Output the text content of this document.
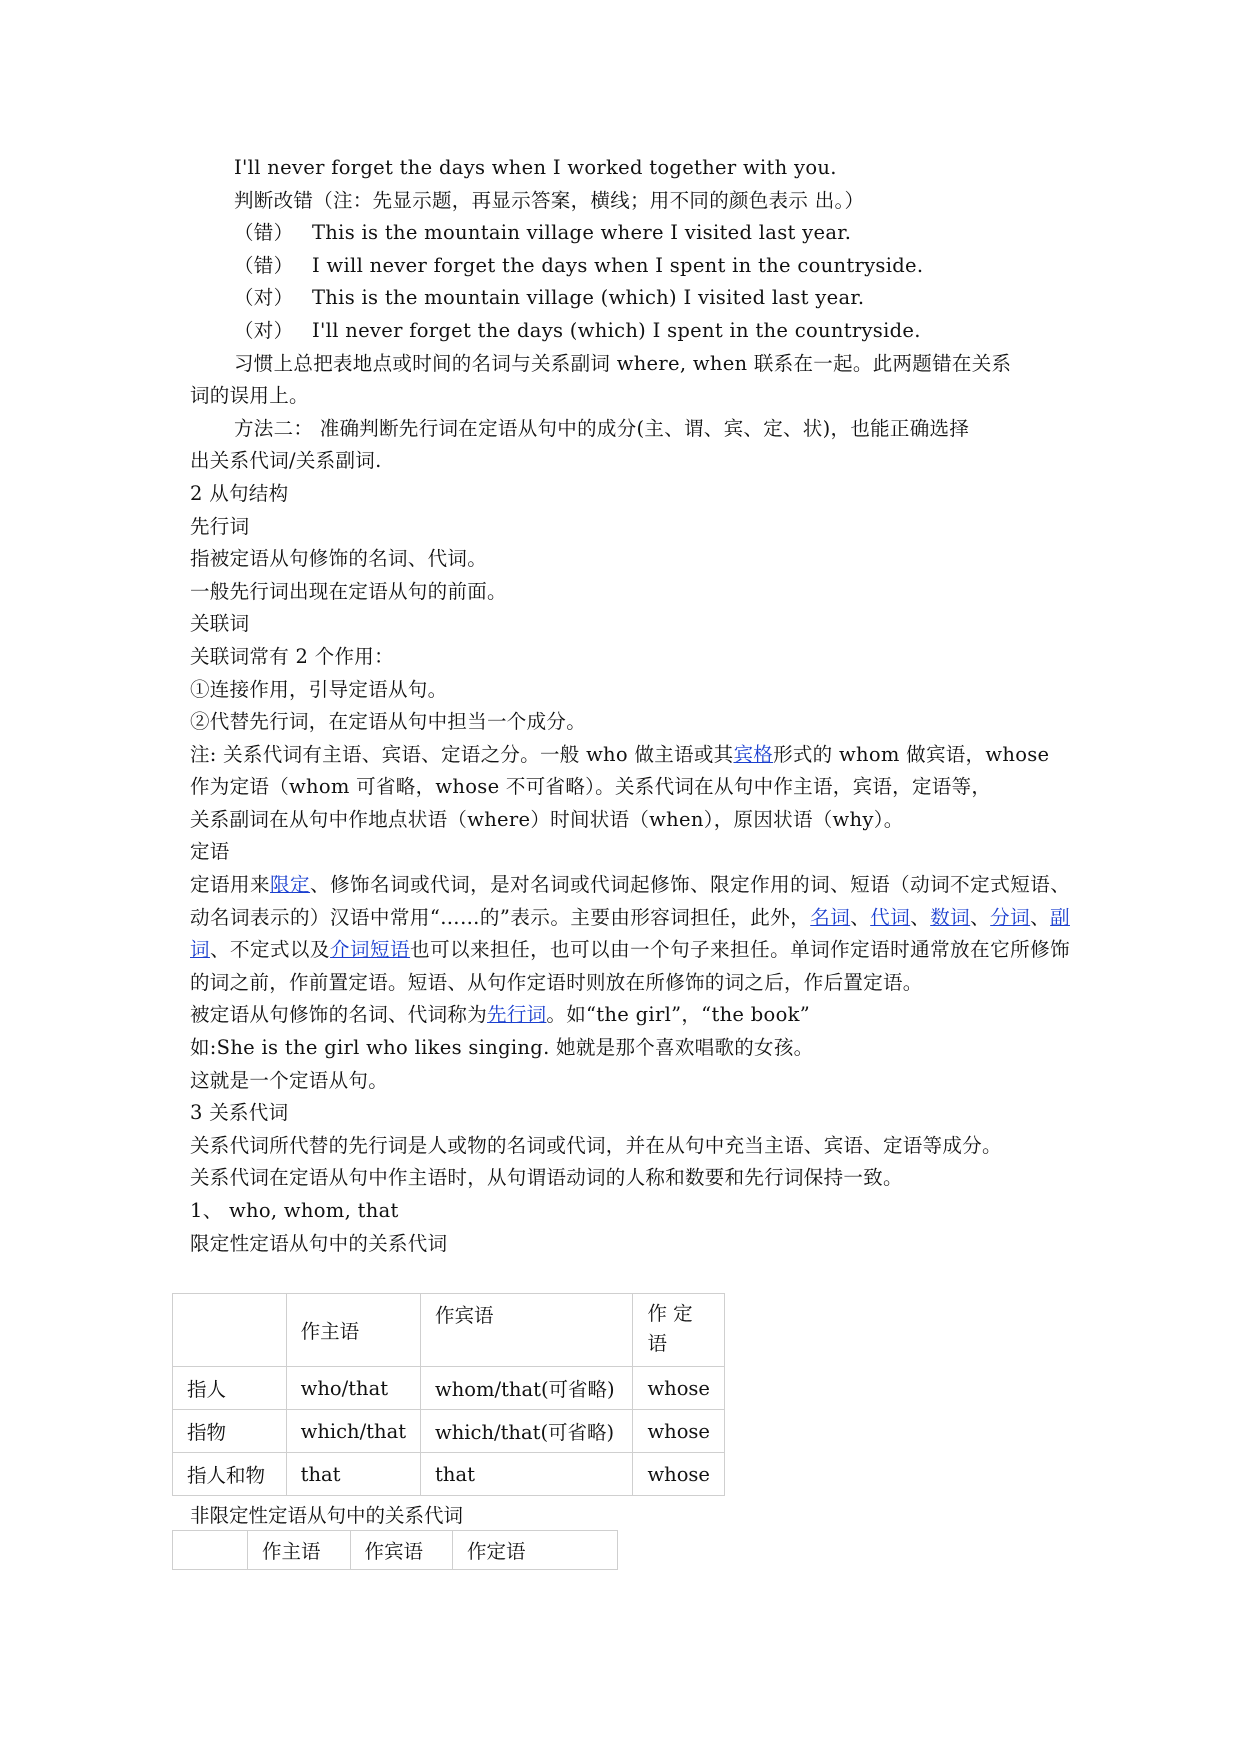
I'll never forget the days when I worked together with you.
判断改错（注：先显示题，再显示答案，横线；用不同的颜色表示 出。）
（错） This is the mountain village where I visited last year.
（错） I will never forget the days when I spent in the countryside.
（对） This is the mountain village (which) I visited last year.
（对） I'll never forget the days (which) I spent in the countryside.
习惯上总把表地点或时间的名词与关系副词 where, when 联系在一起。此两题错在关系
词的误用上。
方法二： 准确判断先行词在定语从句中的成分(主、谓、宾、定、状)，也能正确选择
出关系代词/关系副词.
2 从句结构
先行词
指被定语从句修饰的名词、代词。
一般先行词出现在定语从句的前面。
关联词
关联词常有 2 个作用：
①连接作用，引导定语从句。
②代替先行词，在定语从句中担当一个成分。
注: 关系代词有主语、宾语、定语之分。一般 who 做主语或其宾格形式的 whom 做宾语，whose
作为定语（whom 可省略，whose 不可省略）。关系代词在从句中作主语，宾语，定语等，
关系副词在从句中作地点状语（where）时间状语（when），原因状语（why）。
定语
定语用来限定、修饰名词或代词，是对名词或代词起修饰、限定作用的词、短语（动词不定式短语、动名词表示的）汉语中常用“……的”表示。主要由形容词担任，此外，名词、代词、数词、分词、副词、不定式以及介词短语也可以来担任，也可以由一个句子来担任。单词作定语时通常放在它所修饰的词之前，作前置定语。短语、从句作定语时则放在所修饰的词之后，作后置定语。
被定语从句修饰的名词、代词称为先行词。如“the girl”，“the book”
如:She is the girl who likes singing. 她就是那个喜欢唱歌的女孩。
这就是一个定语从句。
3 关系代词
关系代词所代替的先行词是人或物的名词或代词，并在从句中充当主语、宾语、定语等成分。
关系代词在定语从句中作主语时，从句谓语动词的人称和数要和先行词保持一致。
1、 who, whom, that
限定性定语从句中的关系代词
	作主语	作宾语	作 定语
指人	who/that	whom/that(可省略)	whose
指物	which/that	which/that(可省略)	whose
指人和物	that	that	whose
非限定性定语从句中的关系代词
	作主语	作宾语	作定语
